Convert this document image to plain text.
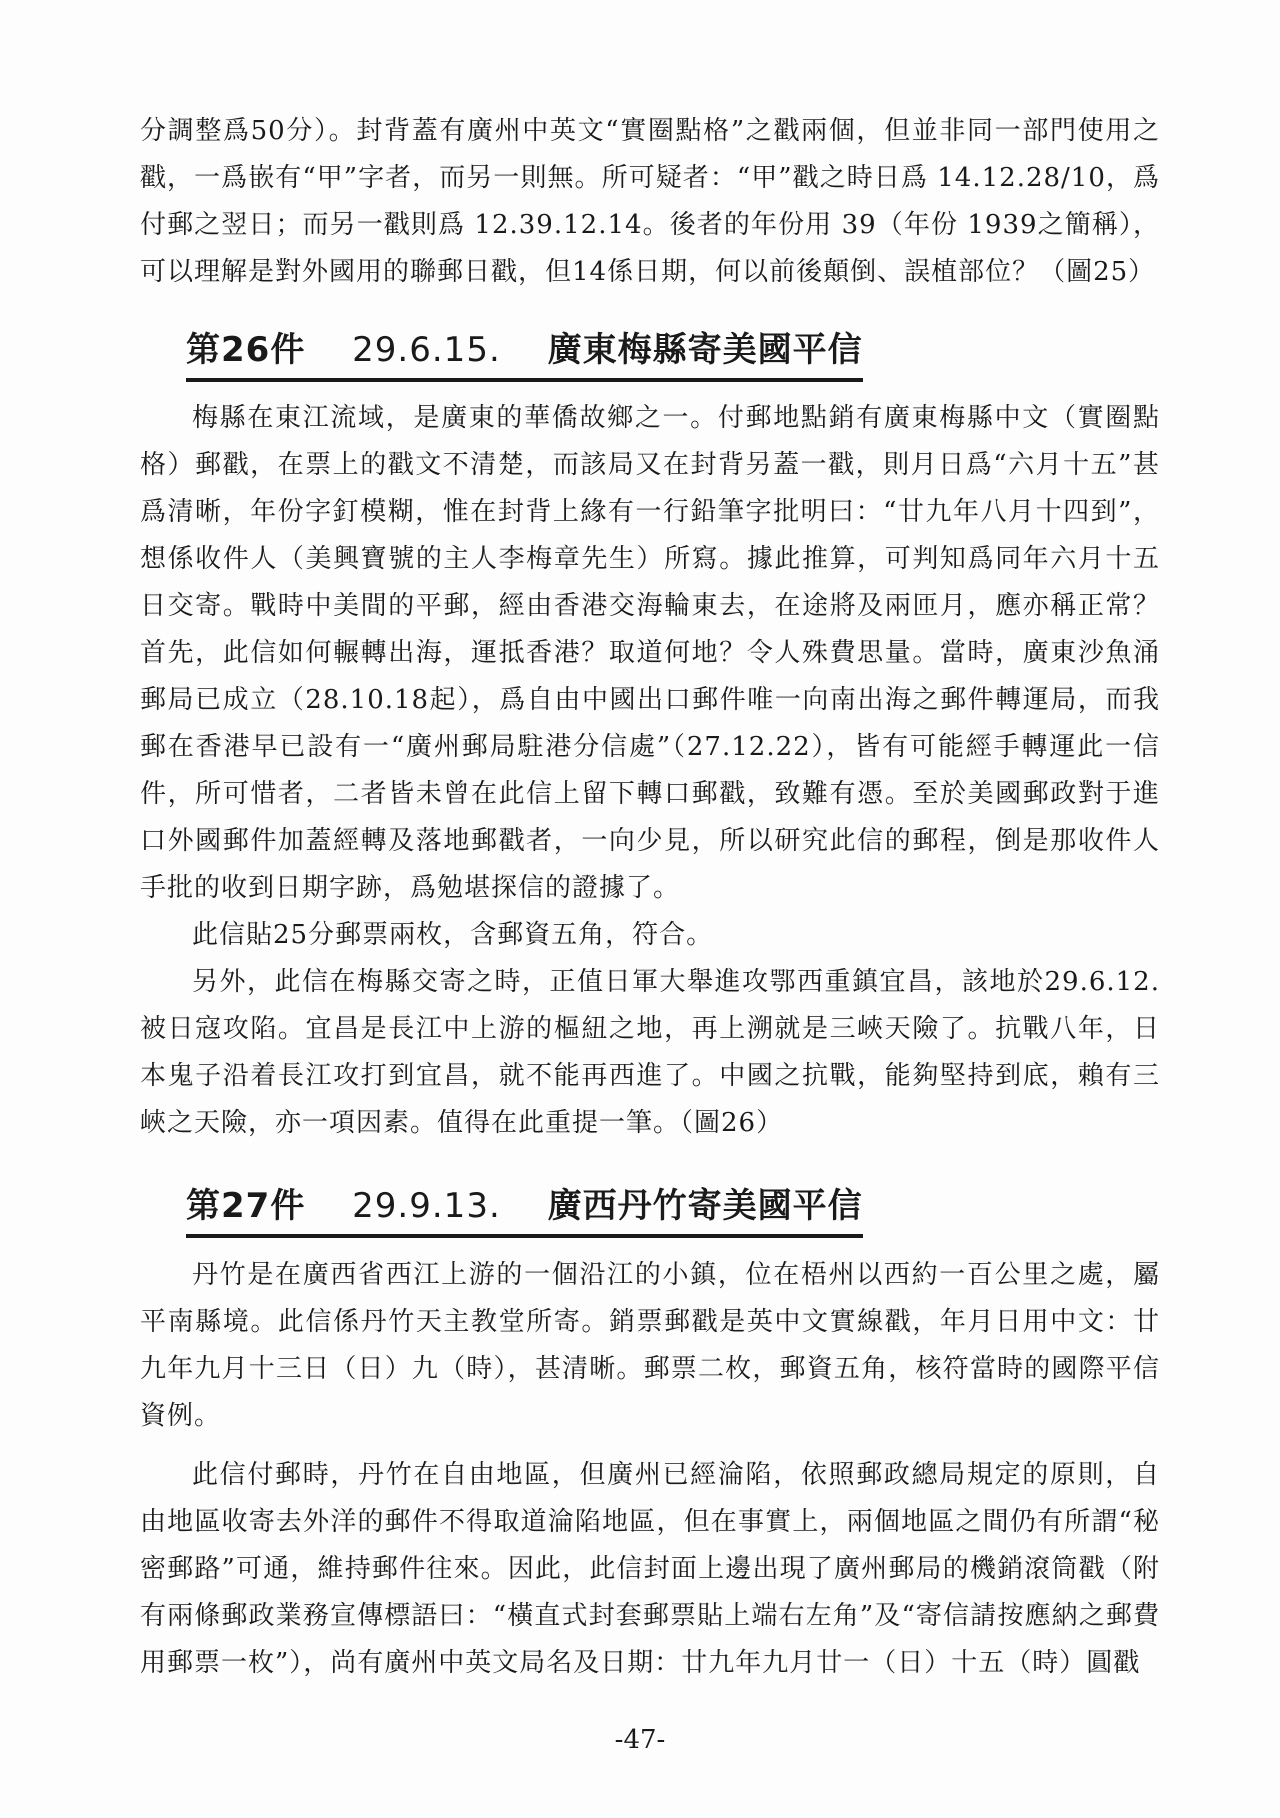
分調整爲50分）。封背蓋有廣州中英文“實圈點格”之戳兩個，但並非同一部門使用之戳，一爲嵌有“甲”字者，而另一則無。所可疑者：“甲”戳之時日爲 14.12.28/10，爲付郵之翌日；而另一戳則爲 12.39.12.14。後者的年份用 39（年份 1939之簡稱），可以理解是對外國用的聯郵日戳，但14係日期，何以前後顛倒、誤植部位？（圖25）

第26件 29.6.15. 廣東梅縣寄美國平信

梅縣在東江流域，是廣東的華僑故鄉之一。付郵地點銷有廣東梅縣中文（實圈點格）郵戳，在票上的戳文不清楚，而該局又在封背另蓋一戳，則月日爲“六月十五”甚爲清晰，年份字釘模糊，惟在封背上緣有一行鉛筆字批明曰：“廿九年八月十四到”，想係收件人（美興寶號的主人李梅章先生）所寫。據此推算，可判知爲同年六月十五日交寄。戰時中美間的平郵，經由香港交海輪東去，在途將及兩匝月，應亦稱正常？首先，此信如何輾轉出海，運抵香港？取道何地？令人殊費思量。當時，廣東沙魚涌郵局已成立（28.10.18起），爲自由中國出口郵件唯一向南出海之郵件轉運局，而我郵在香港早已設有一“廣州郵局駐港分信處”（27.12.22），皆有可能經手轉運此一信件，所可惜者，二者皆未曾在此信上留下轉口郵戳，致難有憑。至於美國郵政對于進口外國郵件加蓋經轉及落地郵戳者，一向少見，所以研究此信的郵程，倒是那收件人手批的收到日期字跡，爲勉堪探信的證據了。

此信貼25分郵票兩枚，含郵資五角，符合。

另外，此信在梅縣交寄之時，正值日軍大舉進攻鄂西重鎮宜昌，該地於29.6.12.被日寇攻陷。宜昌是長江中上游的樞紐之地，再上溯就是三峽天險了。抗戰八年，日本鬼子沿着長江攻打到宜昌，就不能再西進了。中國之抗戰，能夠堅持到底，賴有三峽之天險，亦一項因素。值得在此重提一筆。（圖26）

第27件 29.9.13. 廣西丹竹寄美國平信

丹竹是在廣西省西江上游的一個沿江的小鎮，位在梧州以西約一百公里之處，屬平南縣境。此信係丹竹天主教堂所寄。銷票郵戳是英中文實線戳，年月日用中文：廿九年九月十三日（日）九（時），甚清晰。郵票二枚，郵資五角，核符當時的國際平信資例。

此信付郵時，丹竹在自由地區，但廣州已經淪陷，依照郵政總局規定的原則，自由地區收寄去外洋的郵件不得取道淪陷地區，但在事實上，兩個地區之間仍有所謂“秘密郵路”可通，維持郵件往來。因此，此信封面上邊出現了廣州郵局的機銷滾筒戳（附有兩條郵政業務宣傳標語曰：“橫直式封套郵票貼上端右左角”及“寄信請按應納之郵費用郵票一枚”），尚有廣州中英文局名及日期：廿九年九月廿一（日）十五（時）圓戳

-47-
